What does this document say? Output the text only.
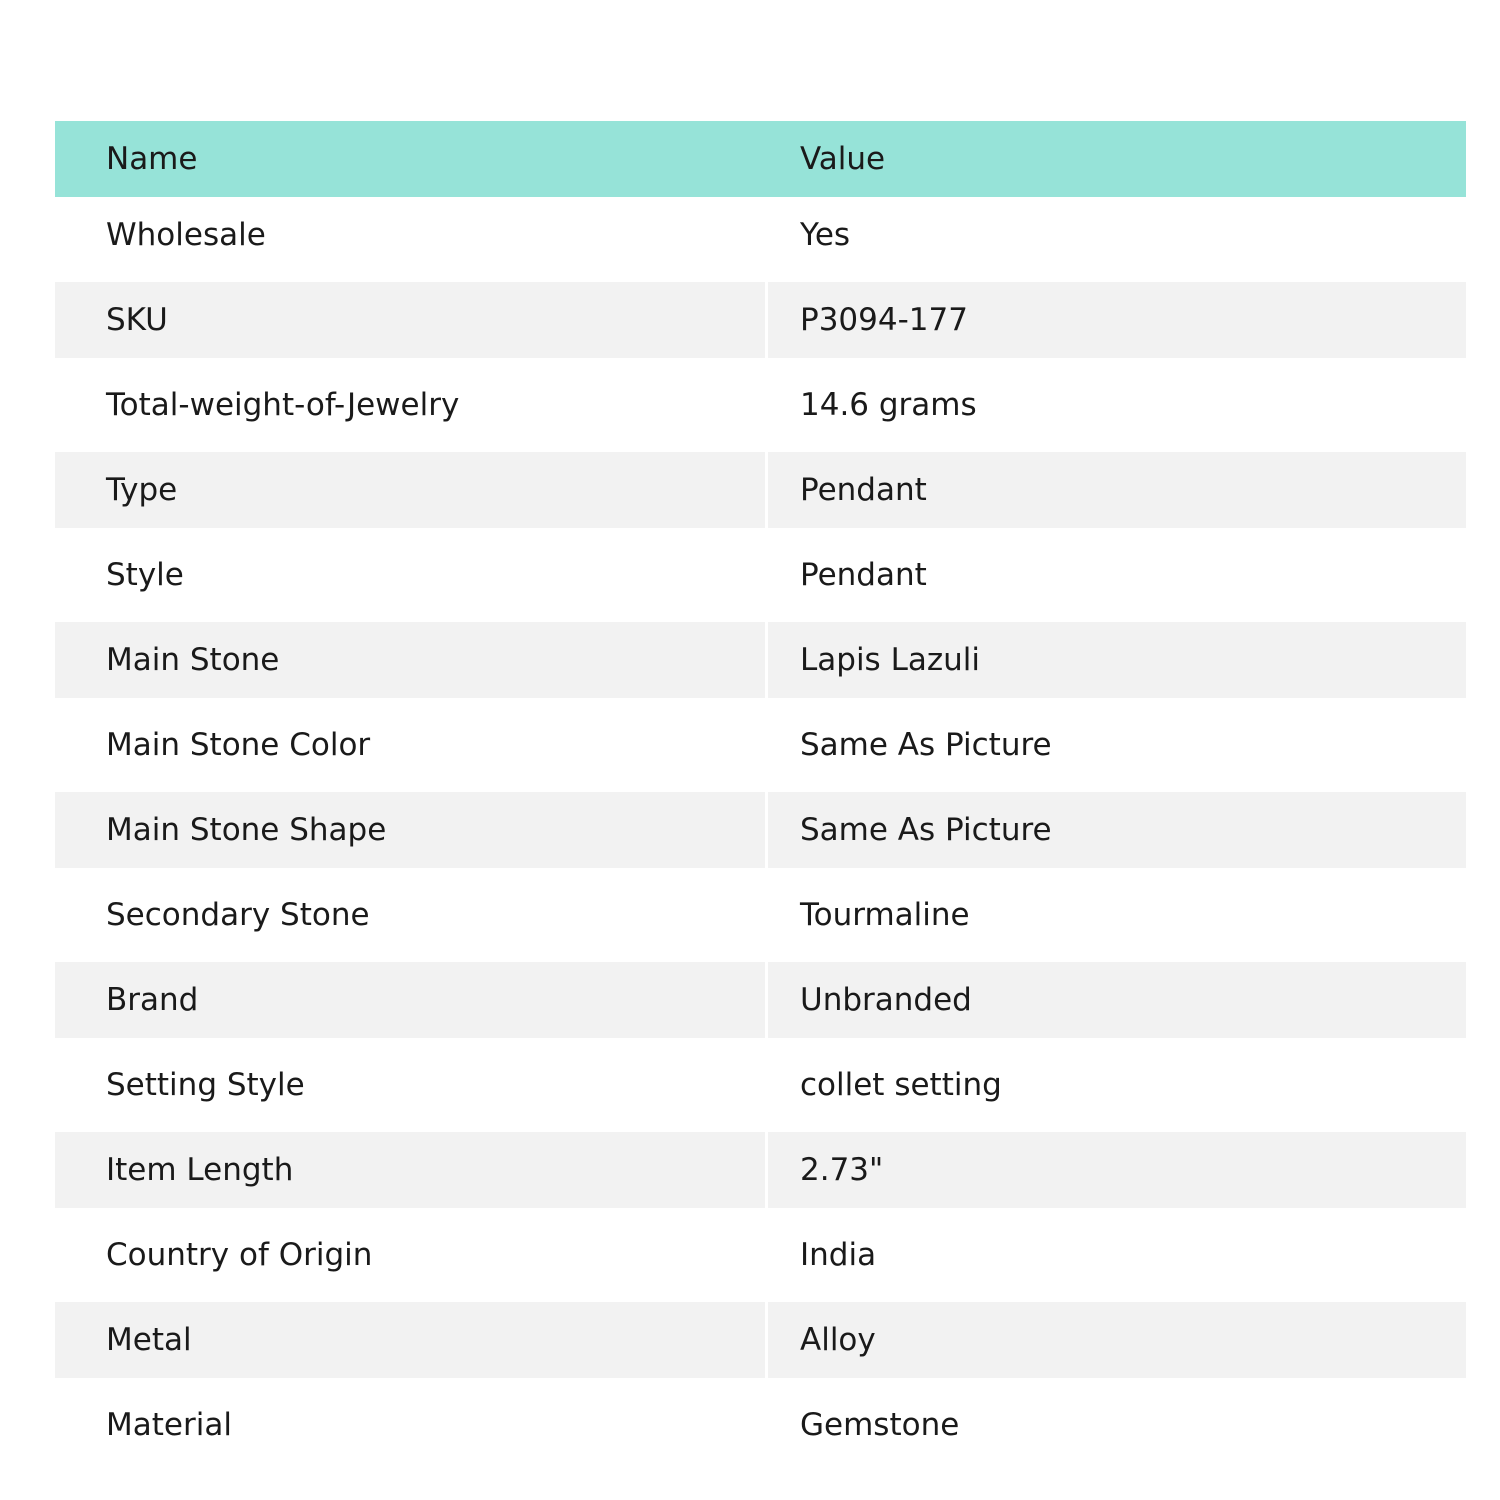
Name	Value
Wholesale	Yes
SKU	P3094-177
Total-weight-of-Jewelry	14.6 grams
Type	Pendant
Style	Pendant
Main Stone	Lapis Lazuli
Main Stone Color	Same As Picture
Main Stone Shape	Same As Picture
Secondary Stone	Tourmaline
Brand	Unbranded
Setting Style	collet setting
Item Length	2.73"
Country of Origin	India
Metal	Alloy
Material	Gemstone
